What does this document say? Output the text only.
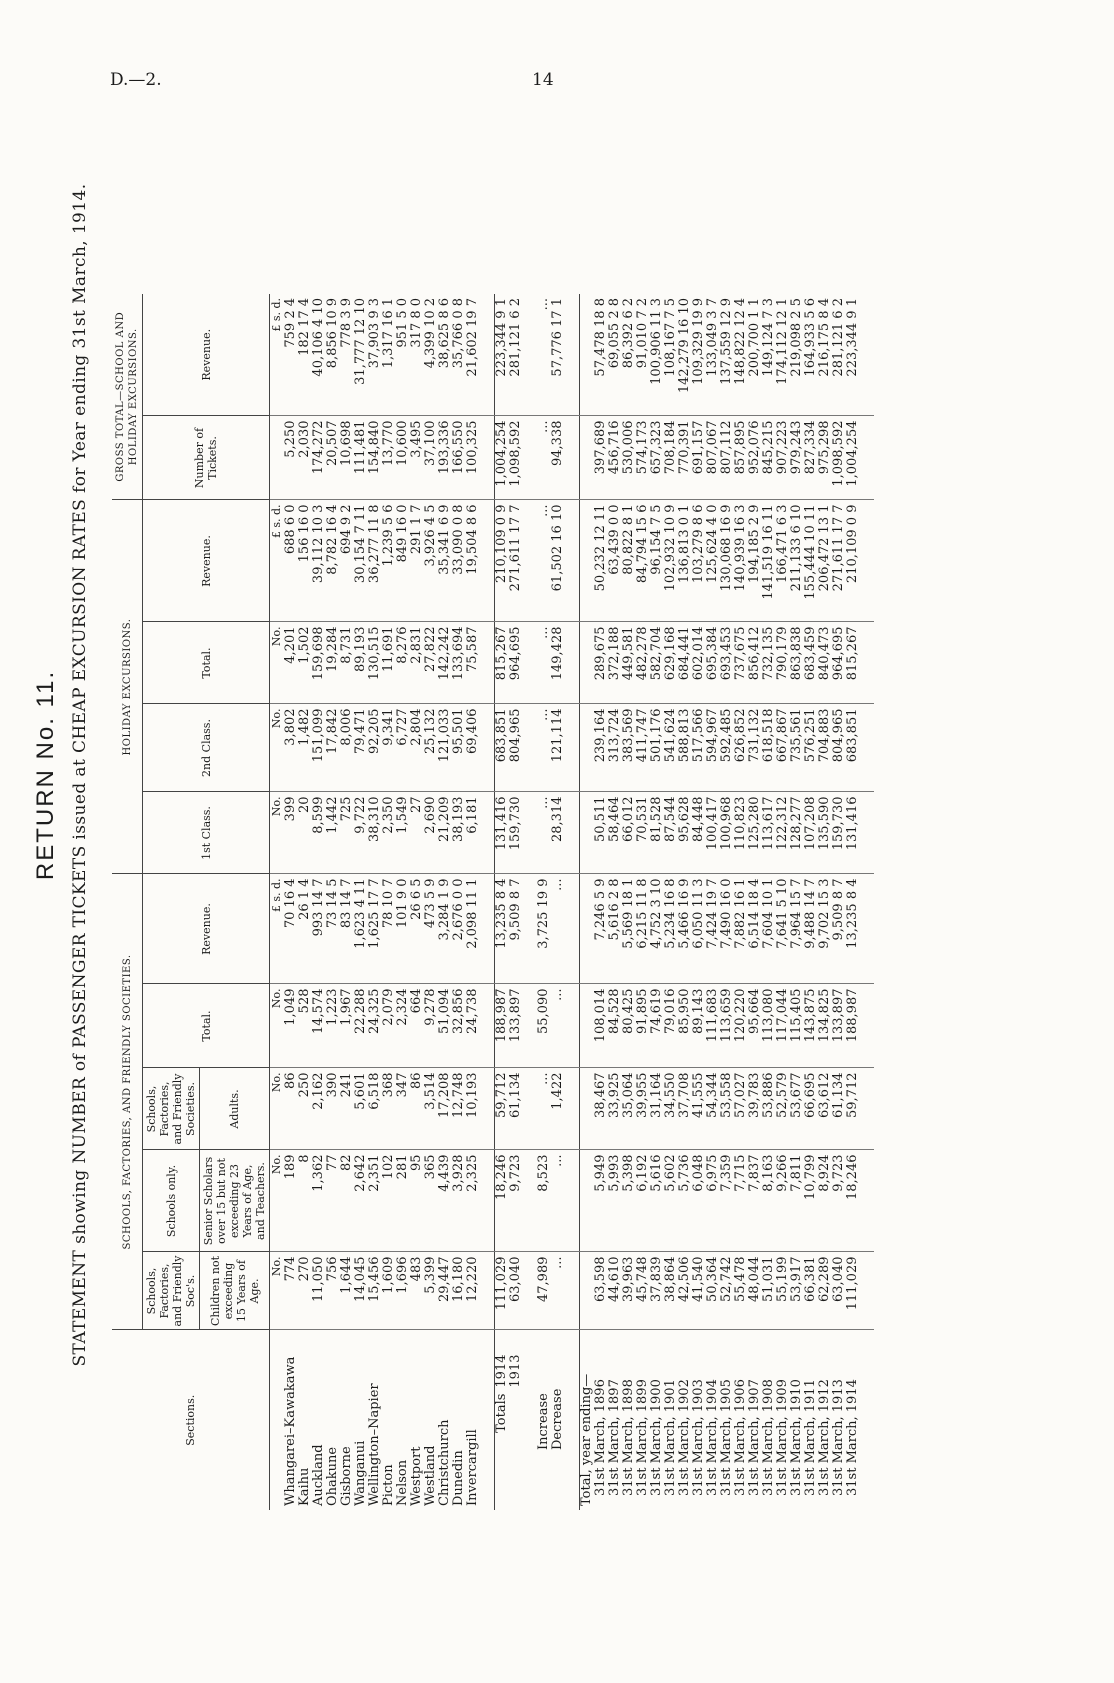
D.—2.	14
RETURN No. 11. STATEMENT showing NUMBER of PASSENGER TICKETS issued at CHEAP EXCURSION RATES for Year ending 31st March, 1914.
Sections.	SCHOOLS, FACTORIES, AND FRIENDLY SOCIETIES.					HOLIDAY EXCURSIONS.				GROSS TOTAL—SCHOOL AND HOLIDAY EXCURSIONS.	
	Schools, Factories, and Friendly Soc's.	Schools only.	Schools, Factories, and Friendly Societies.	Total.	Revenue.	1st Class.	2nd Class.	Total.	Revenue.	Number of Tickets.	Revenue.
	Children not exceeding 15 Years of Age.	Senior Scholars over 15 but not exceeding 23 Years of Age, and Teachers.	Adults.								
	No.	No.	No.	No.	£ s. d.	No.	No.	No.	£ s. d.		£ s. d.
Whangarei–Kawakawa	774	189	86	1,049	70 16 4	399	3,802	4,201	688 6 0	5,250	759 2 4
Kaihu	270	8	250	528	26 1 4	20	1,482	1,502	156 16 0	2,030	182 17 4
Auckland	11,050	1,362	2,162	14,574	993 14 7	8,599	151,099	159,698	39,112 10 3	174,272	40,106 4 10
Ohakune	756	77	390	1,223	73 14 5	1,442	17,842	19,284	8,782 16 4	20,507	8,856 10 9
Gisborne	1,644	82	241	1,967	83 14 7	725	8,006	8,731	694 9 2	10,698	778 3 9
Wanganui	14,045	2,642	5,601	22,288	1,623 4 11	9,722	79,471	89,193	30,154 7 11	111,481	31,777 12 10
Wellington–Napier	15,456	2,351	6,518	24,325	1,625 17 7	38,310	92,205	130,515	36,277 11 8	154,840	37,903 9 3
Picton	1,609	102	368	2,079	78 10 7	2,350	9,341	11,691	1,239 5 6	13,770	1,317 16 1
Nelson	1,696	281	347	2,324	101 9 0	1,549	6,727	8,276	849 16 0	10,600	951 5 0
Westport	483	95	86	664	26 6 5	27	2,804	2,831	291 1 7	3,495	317 8 0
Westland	5,399	365	3,514	9,278	473 5 9	2,690	25,132	27,822	3,926 4 5	37,100	4,399 10 2
Christchurch	29,447	4,439	17,208	51,094	3,284 1 9	21,209	121,033	142,242	35,341 6 9	193,336	38,625 8 6
Dunedin	16,180	3,928	12,748	32,856	2,676 0 0	38,193	95,501	133,694	33,090 0 8	166,550	35,766 0 8
Invercargill	12,220	2,325	10,193	24,738	2,098 11 1	6,181	69,406	75,587	19,504 8 6	100,325	21,602 19 7

Totals1914	111,029	18,246	59,712	188,987	13,235 8 4	131,416	683,851	815,267	210,109 0 9	1,004,254	223,344 9 1
1913	63,040	9,723	61,134	133,897	9,509 8 7	159,730	804,965	964,695	271,611 17 7	1,098,592	281,121 6 2

Increase	47,989	8,523	...	55,090	3,725 19 9	...	...	...	...	...	...
Decrease	...	...	1,422	...	...	28,314	121,114	149,428	61,502 16 10	94,338	57,776 17 1

Total, year ending—											
31st March, 1896	63,598	5,949	38,467	108,014	7,246 5 9	50,511	239,164	289,675	50,232 12 11	397,689	57,478 18 8
31st March, 1897	44,610	5,993	33,925	84,528	5,616 2 8	58,464	313,724	372,188	63,439 0 0	456,716	69,055 2 8
31st March, 1898	39,963	5,398	35,064	80,425	5,569 18 1	66,012	383,569	449,581	80,822 8 1	530,006	86,392 6 2
31st March, 1899	45,748	6,192	39,955	91,895	6,215 11 8	70,531	411,747	482,278	84,794 15 6	574,173	91,010 7 2
31st March, 1900	37,839	5,616	31,164	74,619	4,752 3 10	81,528	501,176	582,704	96,154 7 5	657,323	100,906 11 3
31st March, 1901	38,864	5,602	34,550	79,016	5,234 16 8	87,544	541,624	629,168	102,932 10 9	708,184	108,167 7 5
31st March, 1902	42,506	5,736	37,708	85,950	5,466 16 9	95,628	588,813	684,441	136,813 0 1	770,391	142,279 16 10
31st March, 1903	41,540	6,048	41,555	89,143	6,050 11 3	84,448	517,566	602,014	103,279 8 6	691,157	109,329 19 9
31st March, 1904	50,364	6,975	54,344	111,683	7,424 19 7	100,417	594,967	695,384	125,624 4 0	807,067	133,049 3 7
31st March, 1905	52,742	7,359	53,558	113,659	7,490 16 0	100,968	592,485	693,453	130,068 16 9	807,112	137,559 12 9
31st March, 1906	55,478	7,715	57,027	120,220	7,882 16 1	110,823	626,852	737,675	140,939 16 3	857,895	148,822 12 4
31st March, 1907	48,044	7,837	39,783	95,664	6,514 18 4	125,280	731,132	856,412	194,185 2 9	952,076	200,700 1 1
31st March, 1908	51,031	8,163	53,886	113,080	7,604 10 1	113,617	618,518	732,135	141,519 16 11	845,215	149,124 7 3
31st March, 1909	55,199	9,266	52,579	117,044	7,641 5 10	122,312	667,867	790,179	166,471 6 3	907,223	174,112 12 1
31st March, 1910	53,917	7,811	53,677	115,405	7,964 15 7	128,277	735,561	863,838	211,133 6 10	979,243	219,098 2 5
31st March, 1911	66,381	10,799	66,695	143,875	9,488 14 7	107,208	576,251	683,459	155,444 10 11	827,334	164,933 5 6
31st March, 1912	62,289	8,924	63,612	134,825	9,702 15 3	135,590	704,883	840,473	206,472 13 1	975,298	216,175 8 4
31st March, 1913	63,040	9,723	61,134	133,897	9,509 8 7	159,730	804,965	964,695	271,611 17 7	1,098,592	281,121 6 2
31st March, 1914	111,029	18,246	59,712	188,987	13,235 8 4	131,416	683,851	815,267	210,109 0 9	1,004,254	223,344 9 1
